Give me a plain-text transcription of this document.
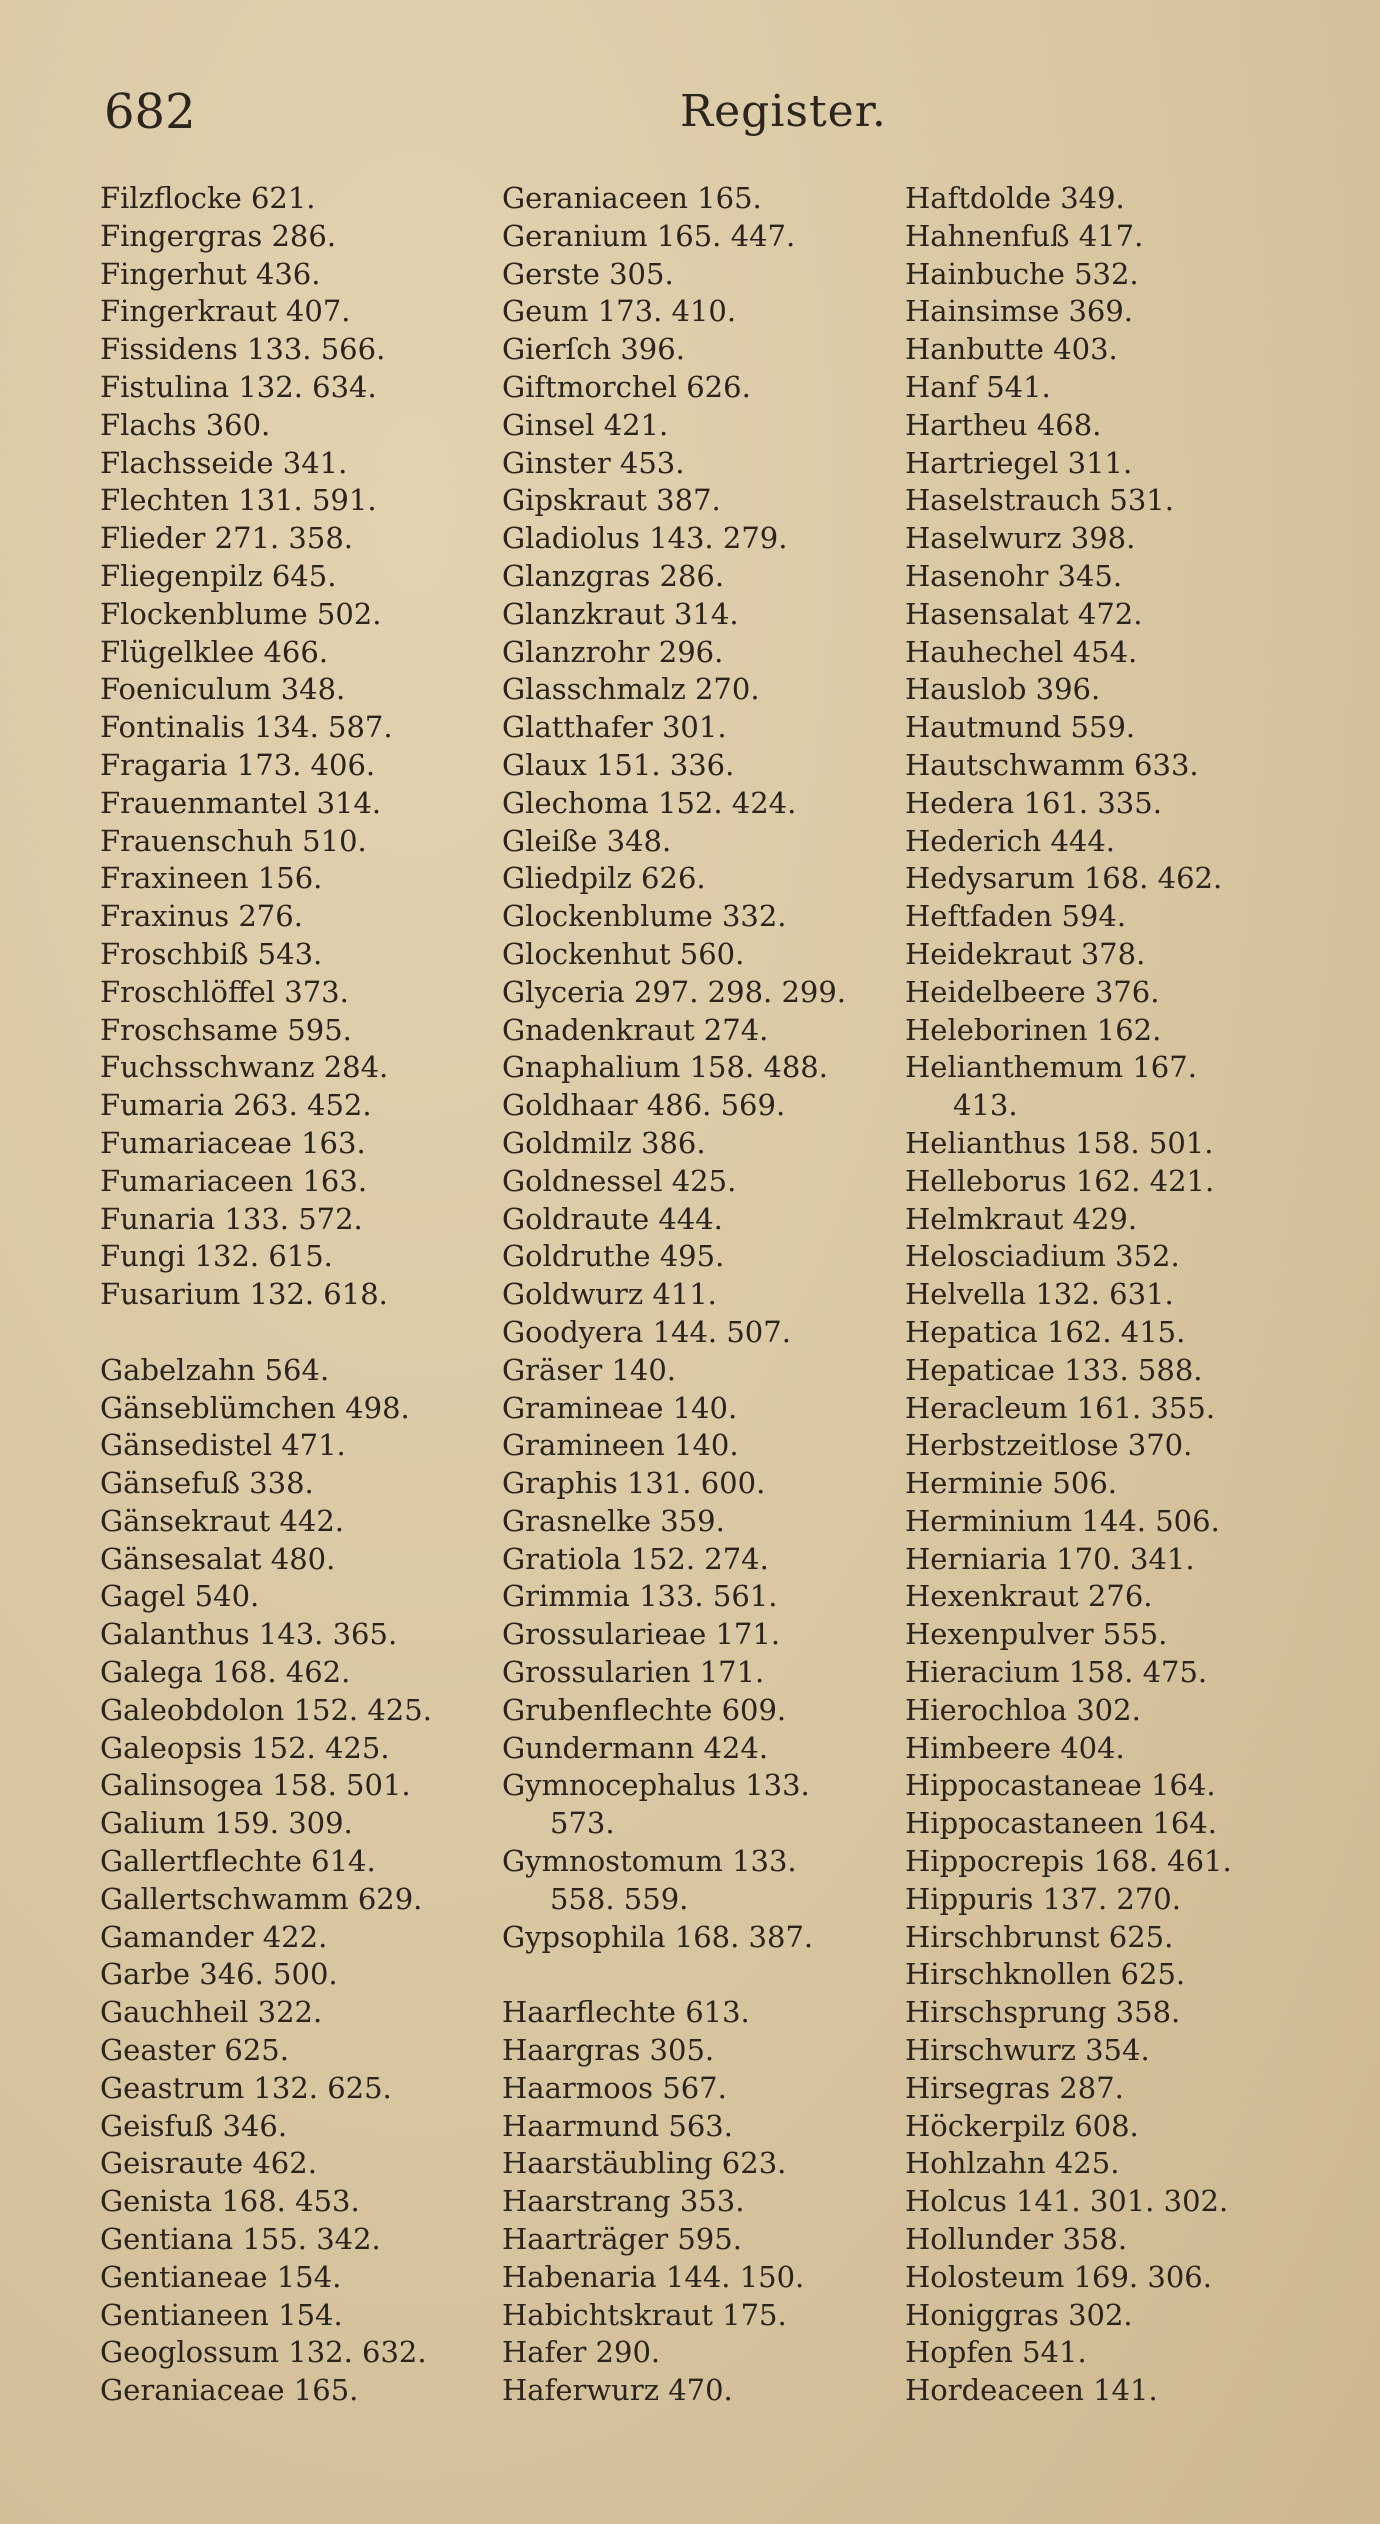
682	Register.
Filzflocke 621.
Fingergras 286.
Fingerhut 436.
Fingerkraut 407.
Fissidens 133. 566.
Fistulina 132. 634.
Flachs 360.
Flachsseide 341.
Flechten 131. 591.
Flieder 271. 358.
Fliegenpilz 645.
Flockenblume 502.
Flügelklee 466.
Foeniculum 348.
Fontinalis 134. 587.
Fragaria 173. 406.
Frauenmantel 314.
Frauenschuh 510.
Fraxineen 156.
Fraxinus 276.
Froschbiß 543.
Froschlöffel 373.
Froschsame 595.
Fuchsschwanz 284.
Fumaria 263. 452.
Fumariaceae 163.
Fumariaceen 163.
Funaria 133. 572.
Fungi 132. 615.
Fusarium 132. 618.
Gabelzahn 564.
Gänseblümchen 498.
Gänsedistel 471.
Gänsefuß 338.
Gänsekraut 442.
Gänsesalat 480.
Gagel 540.
Galanthus 143. 365.
Galega 168. 462.
Galeobdolon 152. 425.
Galeopsis 152. 425.
Galinsogea 158. 501.
Galium 159. 309.
Gallertflechte 614.
Gallertschwamm 629.
Gamander 422.
Garbe 346. 500.
Gauchheil 322.
Geaster 625.
Geastrum 132. 625.
Geisfuß 346.
Geisraute 462.
Genista 168. 453.
Gentiana 155. 342.
Gentianeae 154.
Gentianeen 154.
Geoglossum 132. 632.
Geraniaceae 165.
Geraniaceen 165.
Geranium 165. 447.
Gerste 305.
Geum 173. 410.
Gierſch 396.
Giftmorchel 626.
Ginsel 421.
Ginster 453.
Gipskraut 387.
Gladiolus 143. 279.
Glanzgras 286.
Glanzkraut 314.
Glanzrohr 296.
Glasschmalz 270.
Glatthafer 301.
Glaux 151. 336.
Glechoma 152. 424.
Gleiße 348.
Gliedpilz 626.
Glockenblume 332.
Glockenhut 560.
Glyceria 297. 298. 299.
Gnadenkraut 274.
Gnaphalium 158. 488.
Goldhaar 486. 569.
Goldmilz 386.
Goldnessel 425.
Goldraute 444.
Goldruthe 495.
Goldwurz 411.
Goodyera 144. 507.
Gräser 140.
Gramineae 140.
Gramineen 140.
Graphis 131. 600.
Grasnelke 359.
Gratiola 152. 274.
Grimmia 133. 561.
Grossularieae 171.
Grossularien 171.
Grubenflechte 609.
Gundermann 424.
Gymnocephalus 133.
573.
Gymnostomum 133.
558. 559.
Gypsophila 168. 387.
Haarflechte 613.
Haargras 305.
Haarmoos 567.
Haarmund 563.
Haarstäubling 623.
Haarstrang 353.
Haarträger 595.
Habenaria 144. 150.
Habichtskraut 175.
Hafer 290.
Haferwurz 470.
Haftdolde 349.
Hahnenfuß 417.
Hainbuche 532.
Hainsimse 369.
Hanbutte 403.
Hanf 541.
Hartheu 468.
Hartriegel 311.
Haselstrauch 531.
Haselwurz 398.
Hasenohr 345.
Hasensalat 472.
Hauhechel 454.
Hauslob 396.
Hautmund 559.
Hautschwamm 633.
Hedera 161. 335.
Hederich 444.
Hedysarum 168. 462.
Heftfaden 594.
Heidekraut 378.
Heidelbeere 376.
Heleborinen 162.
Helianthemum 167.
413.
Helianthus 158. 501.
Helleborus 162. 421.
Helmkraut 429.
Helosciadium 352.
Helvella 132. 631.
Hepatica 162. 415.
Hepaticae 133. 588.
Heracleum 161. 355.
Herbstzeitlose 370.
Herminie 506.
Herminium 144. 506.
Herniaria 170. 341.
Hexenkraut 276.
Hexenpulver 555.
Hieracium 158. 475.
Hierochloa 302.
Himbeere 404.
Hippocastaneae 164.
Hippocastaneen 164.
Hippocrepis 168. 461.
Hippuris 137. 270.
Hirschbrunst 625.
Hirschknollen 625.
Hirschsprung 358.
Hirschwurz 354.
Hirsegras 287.
Höckerpilz 608.
Hohlzahn 425.
Holcus 141. 301. 302.
Hollunder 358.
Holosteum 169. 306.
Honiggras 302.
Hopfen 541.
Hordeaceen 141.
